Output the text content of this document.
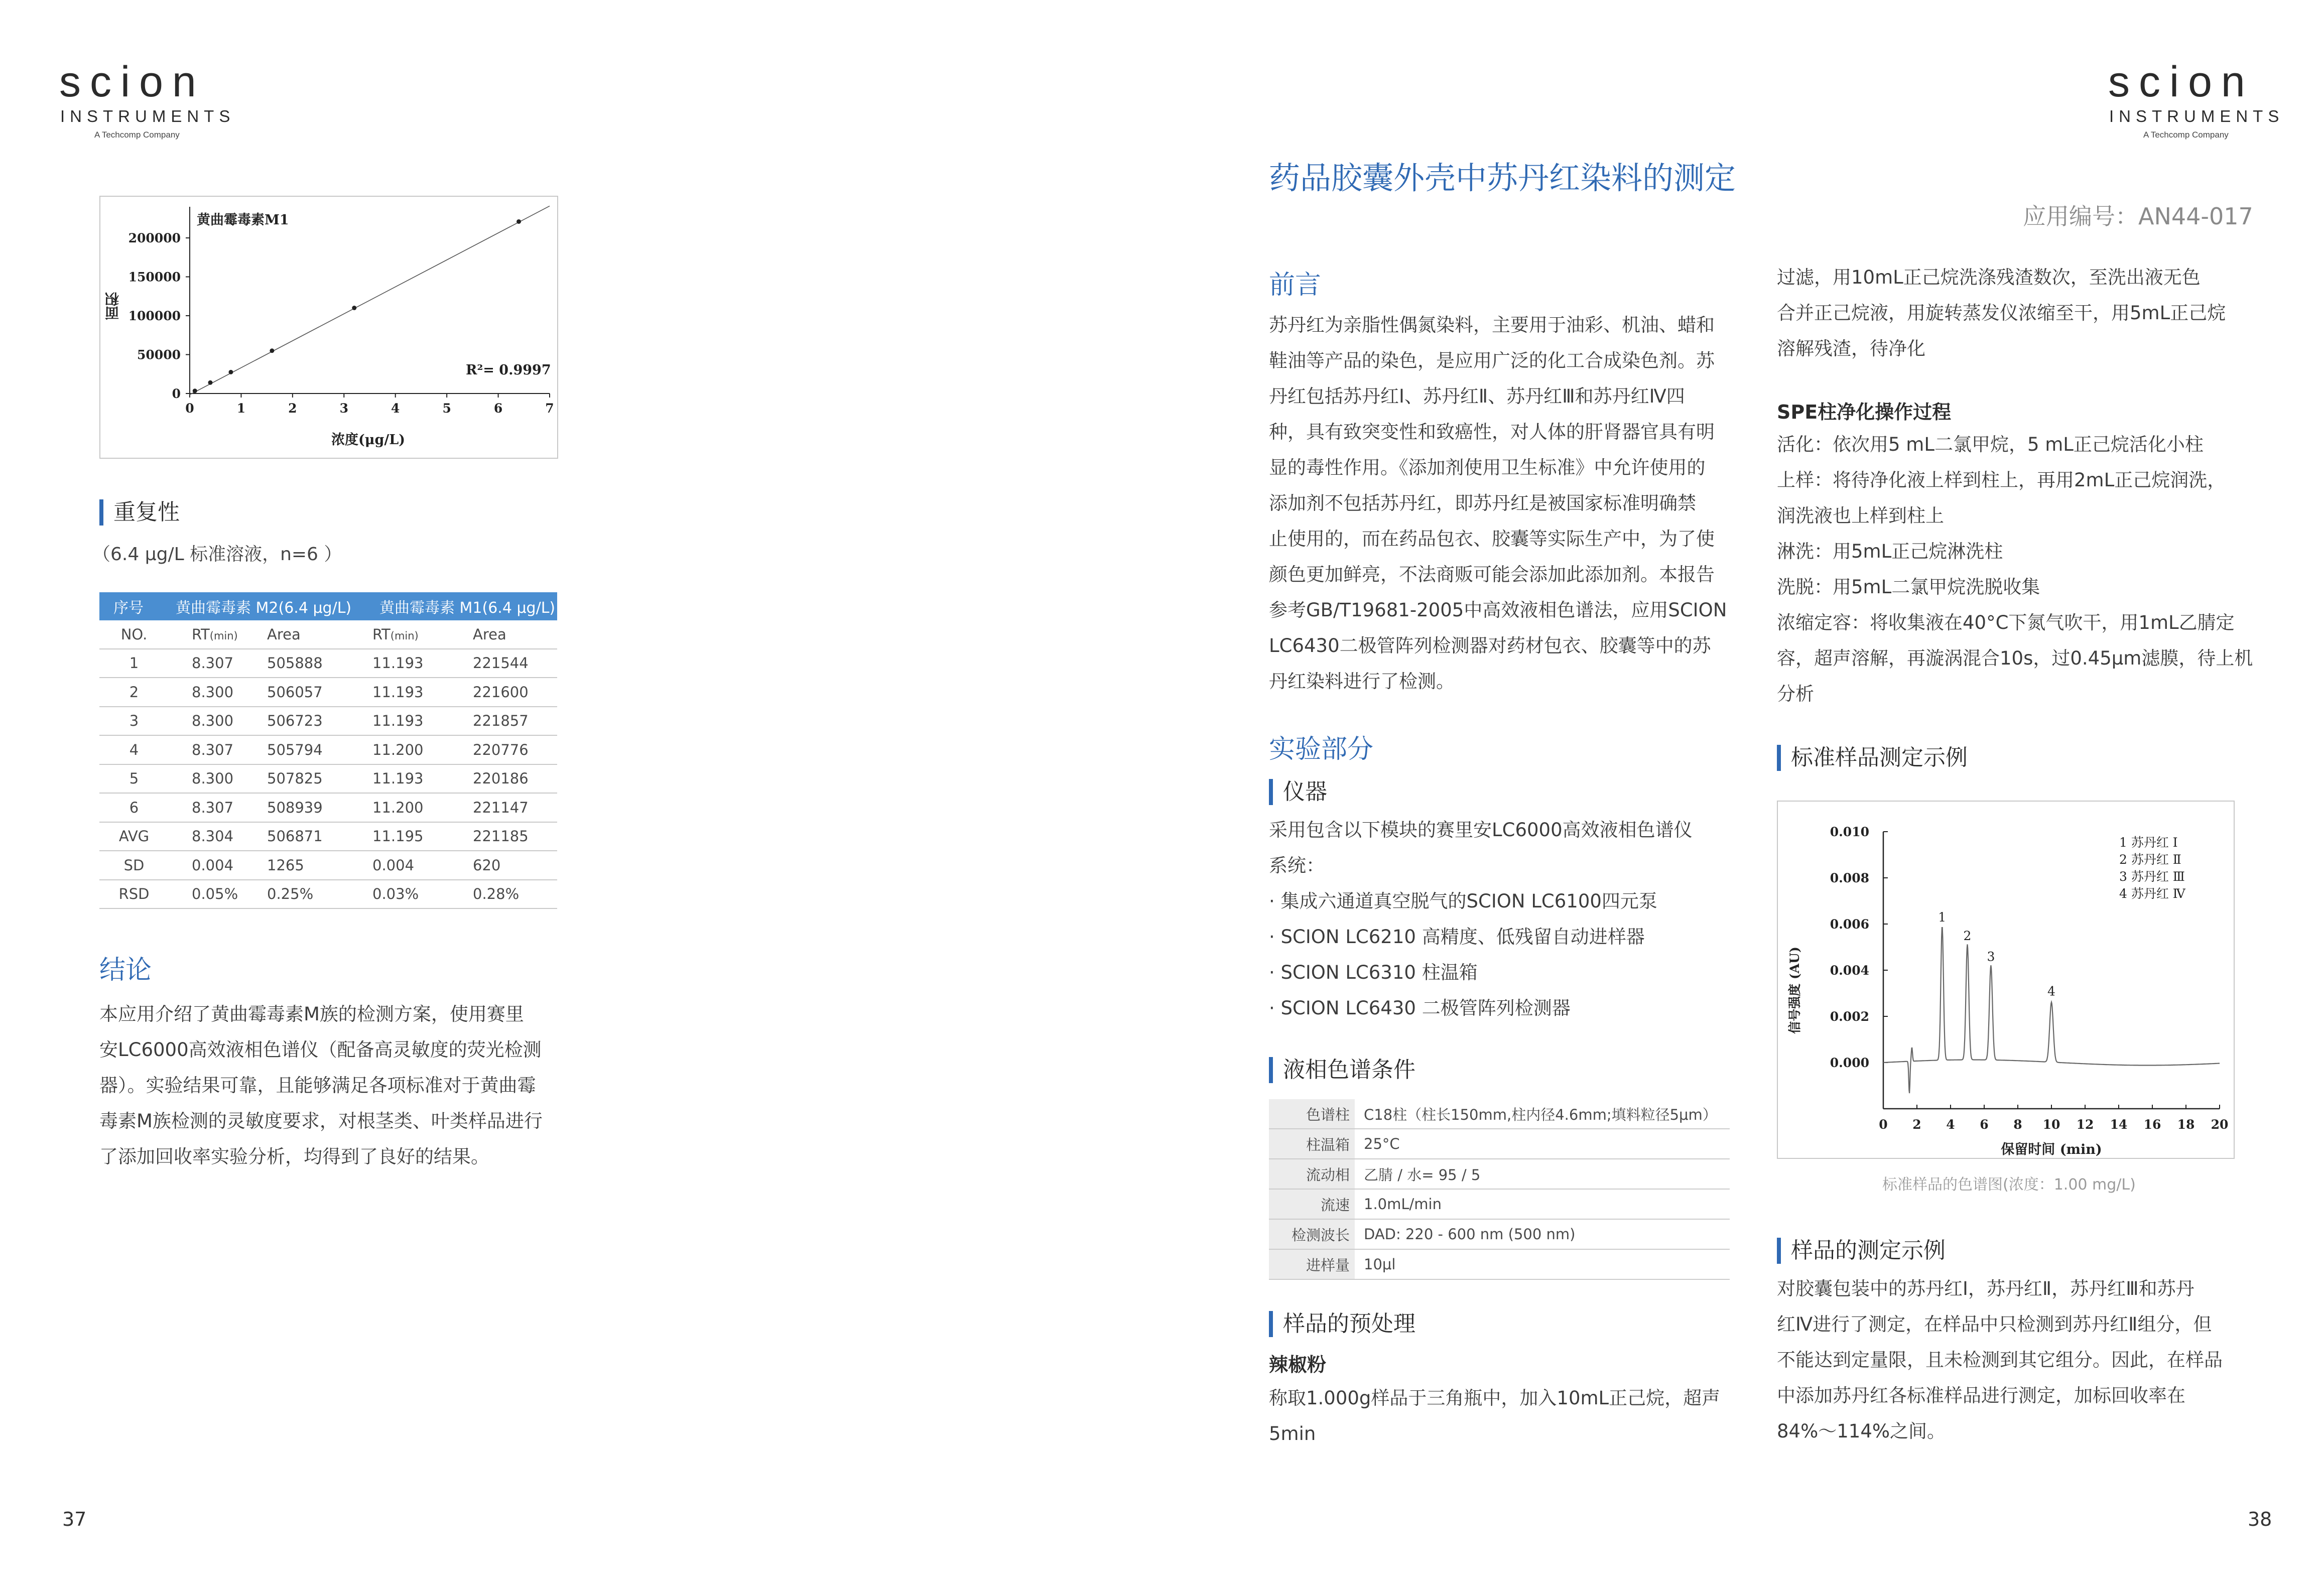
scion
INSTRUMENTS
A Techcomp Company
0
50000
100000
150000
200000
0	1	2	3	4	5	6	7
黄曲霉毒素M1
R²= 0.9997
面积
浓度(μg/L)
重复性
（6.4 μg/L 标准溶液，n=6 ）
序号	黄曲霉毒素 M2(6.4 μg/L)		黄曲霉毒素 M1(6.4 μg/L)	
NO.	RT(min)	Area	RT(min)	Area
1	8.307	505888	11.193	221544
2	8.300	506057	11.193	221600
3	8.300	506723	11.193	221857
4	8.307	505794	11.200	220776
5	8.300	507825	11.193	220186
6	8.307	508939	11.200	221147
AVG	8.304	506871	11.195	221185
SD	0.004	1265	0.004	620
RSD	0.05%	0.25%	0.03%	0.28%
结论
本应用介绍了黄曲霉毒素M族的检测方案，使用赛里
安LC6000高效液相色谱仪（配备高灵敏度的荧光检测
器）。实验结果可靠，且能够满足各项标准对于黄曲霉
毒素M族检测的灵敏度要求，对根茎类、叶类样品进行
了添加回收率实验分析，均得到了良好的结果。
37
scion
INSTRUMENTS
A Techcomp Company
药品胶囊外壳中苏丹红染料的测定
应用编号：AN44-017
前言
苏丹红为亲脂性偶氮染料，主要用于油彩、机油、蜡和
鞋油等产品的染色，是应用广泛的化工合成染色剂。苏
丹红包括苏丹红Ⅰ、苏丹红Ⅱ、苏丹红Ⅲ和苏丹红Ⅳ四
种，具有致突变性和致癌性，对人体的肝肾器官具有明
显的毒性作用。《添加剂使用卫生标准》中允许使用的
添加剂不包括苏丹红，即苏丹红是被国家标准明确禁
止使用的，而在药品包衣、胶囊等实际生产中，为了使
颜色更加鲜亮，不法商贩可能会添加此添加剂。本报告
参考GB/T19681-2005中高效液相色谱法，应用SCION
LC6430二极管阵列检测器对药材包衣、胶囊等中的苏
丹红染料进行了检测。
实验部分
仪器
采用包含以下模块的赛里安LC6000高效液相色谱仪
系统：
· 集成六通道真空脱气的SCION LC6100四元泵
· SCION LC6210 高精度、低残留自动进样器
· SCION LC6310 柱温箱
· SCION LC6430 二极管阵列检测器
液相色谱条件
色谱柱	C18柱（柱长150mm,柱内径4.6mm;填料粒径5μm）
柱温箱	25°C
流动相	乙腈 / 水= 95 / 5
流速	1.0mL/min
检测波长	DAD: 220 - 600 nm (500 nm)
进样量	10μl
样品的预处理
辣椒粉
称取1.000g样品于三角瓶中，加入10mL正己烷，超声
5min
过滤，用10mL正己烷洗涤残渣数次，至洗出液无色
合并正己烷液，用旋转蒸发仪浓缩至干，用5mL正己烷
溶解残渣，待净化
SPE柱净化操作过程
活化：依次用5 mL二氯甲烷，5 mL正己烷活化小柱
上样：将待净化液上样到柱上，再用2mL正己烷润洗，
润洗液也上样到柱上
淋洗：用5mL正己烷淋洗柱
洗脱：用5mL二氯甲烷洗脱收集
浓缩定容：将收集液在40°C下氮气吹干，用1mL乙腈定
容，超声溶解，再漩涡混合10s，过0.45μm滤膜，待上机
分析
标准样品测定示例
0.000
0.002
0.004
0.006
0.008
0.010
0 2 4 6 8 10 12 14 16 18 20
保留时间 (min)
信号强度 (AU)
1 苏丹红 Ⅰ
2 苏丹红 Ⅱ
3 苏丹红 Ⅲ
4 苏丹红 Ⅳ
1
2
3
4
标准样品的色谱图(浓度：1.00 mg/L)
样品的测定示例
对胶囊包装中的苏丹红Ⅰ，苏丹红Ⅱ，苏丹红Ⅲ和苏丹
红Ⅳ进行了测定，在样品中只检测到苏丹红Ⅱ组分，但
不能达到定量限，且未检测到其它组分。因此，在样品
中添加苏丹红各标准样品进行测定，加标回收率在
84%～114%之间。
38
